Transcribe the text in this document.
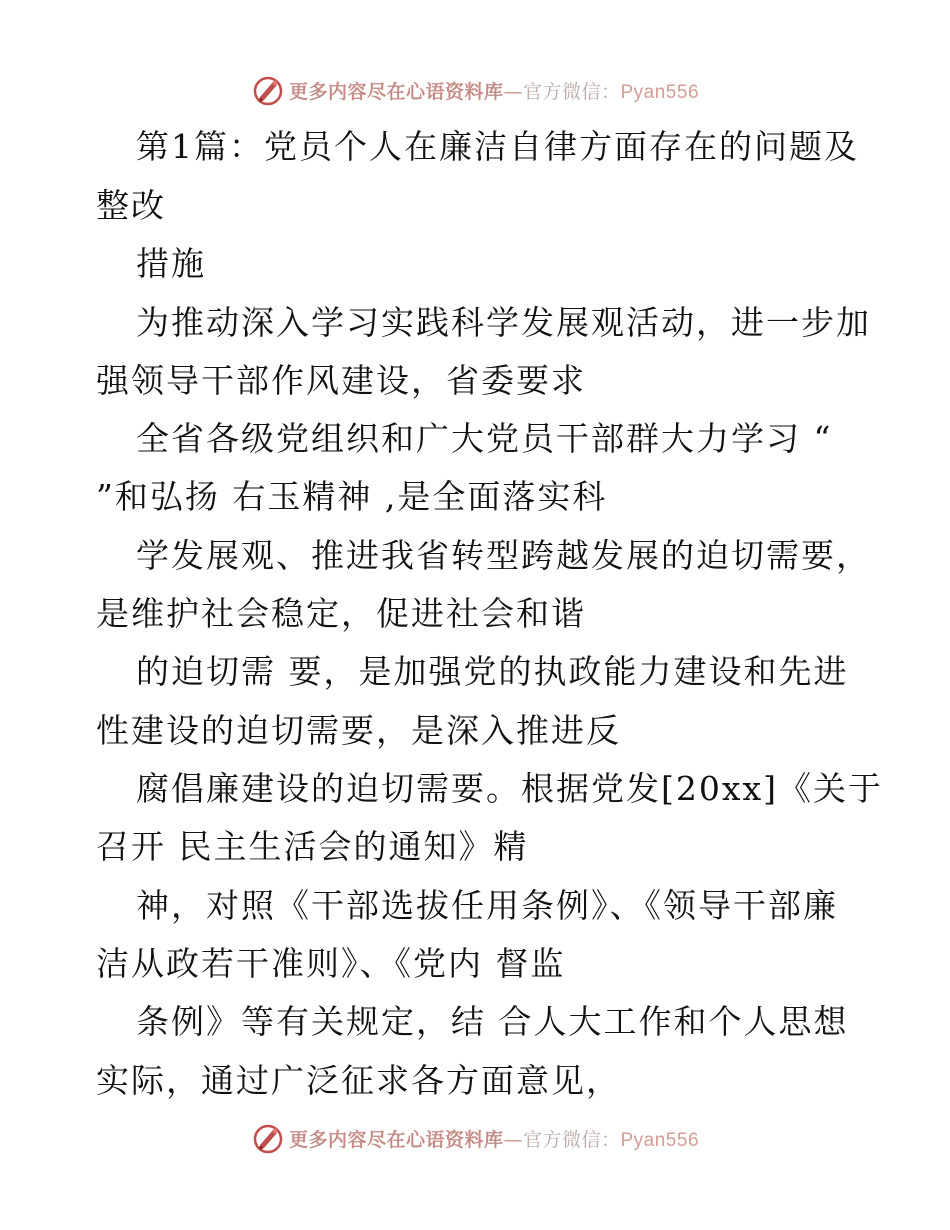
更多内容尽在心语资料库—官方微信：Pyan556
第1篇：党员个人在廉洁自律方面存在的问题及
整改
措施
为推动深入学习实践科学发展观活动，进一步加
强领导干部作风建设，省委要求
全省各级党组织和广大党员干部群大力学习 “
”和弘扬 右玉精神 ,是全面落实科
学发展观、推进我省转型跨越发展的迫切需要，
是维护社会稳定，促进社会和谐
的迫切需 要，是加强党的执政能力建设和先进
性建设的迫切需要，是深入推进反
腐倡廉建设的迫切需要。根据党发[20xx]《关于
召开 民主生活会的通知》精
神，对照《干部选拔任用条例》、《领导干部廉
洁从政若干准则》、《党内 督监
条例》等有关规定，结 合人大工作和个人思想
实际，通过广泛征求各方面意见，
更多内容尽在心语资料库—官方微信：Pyan556
